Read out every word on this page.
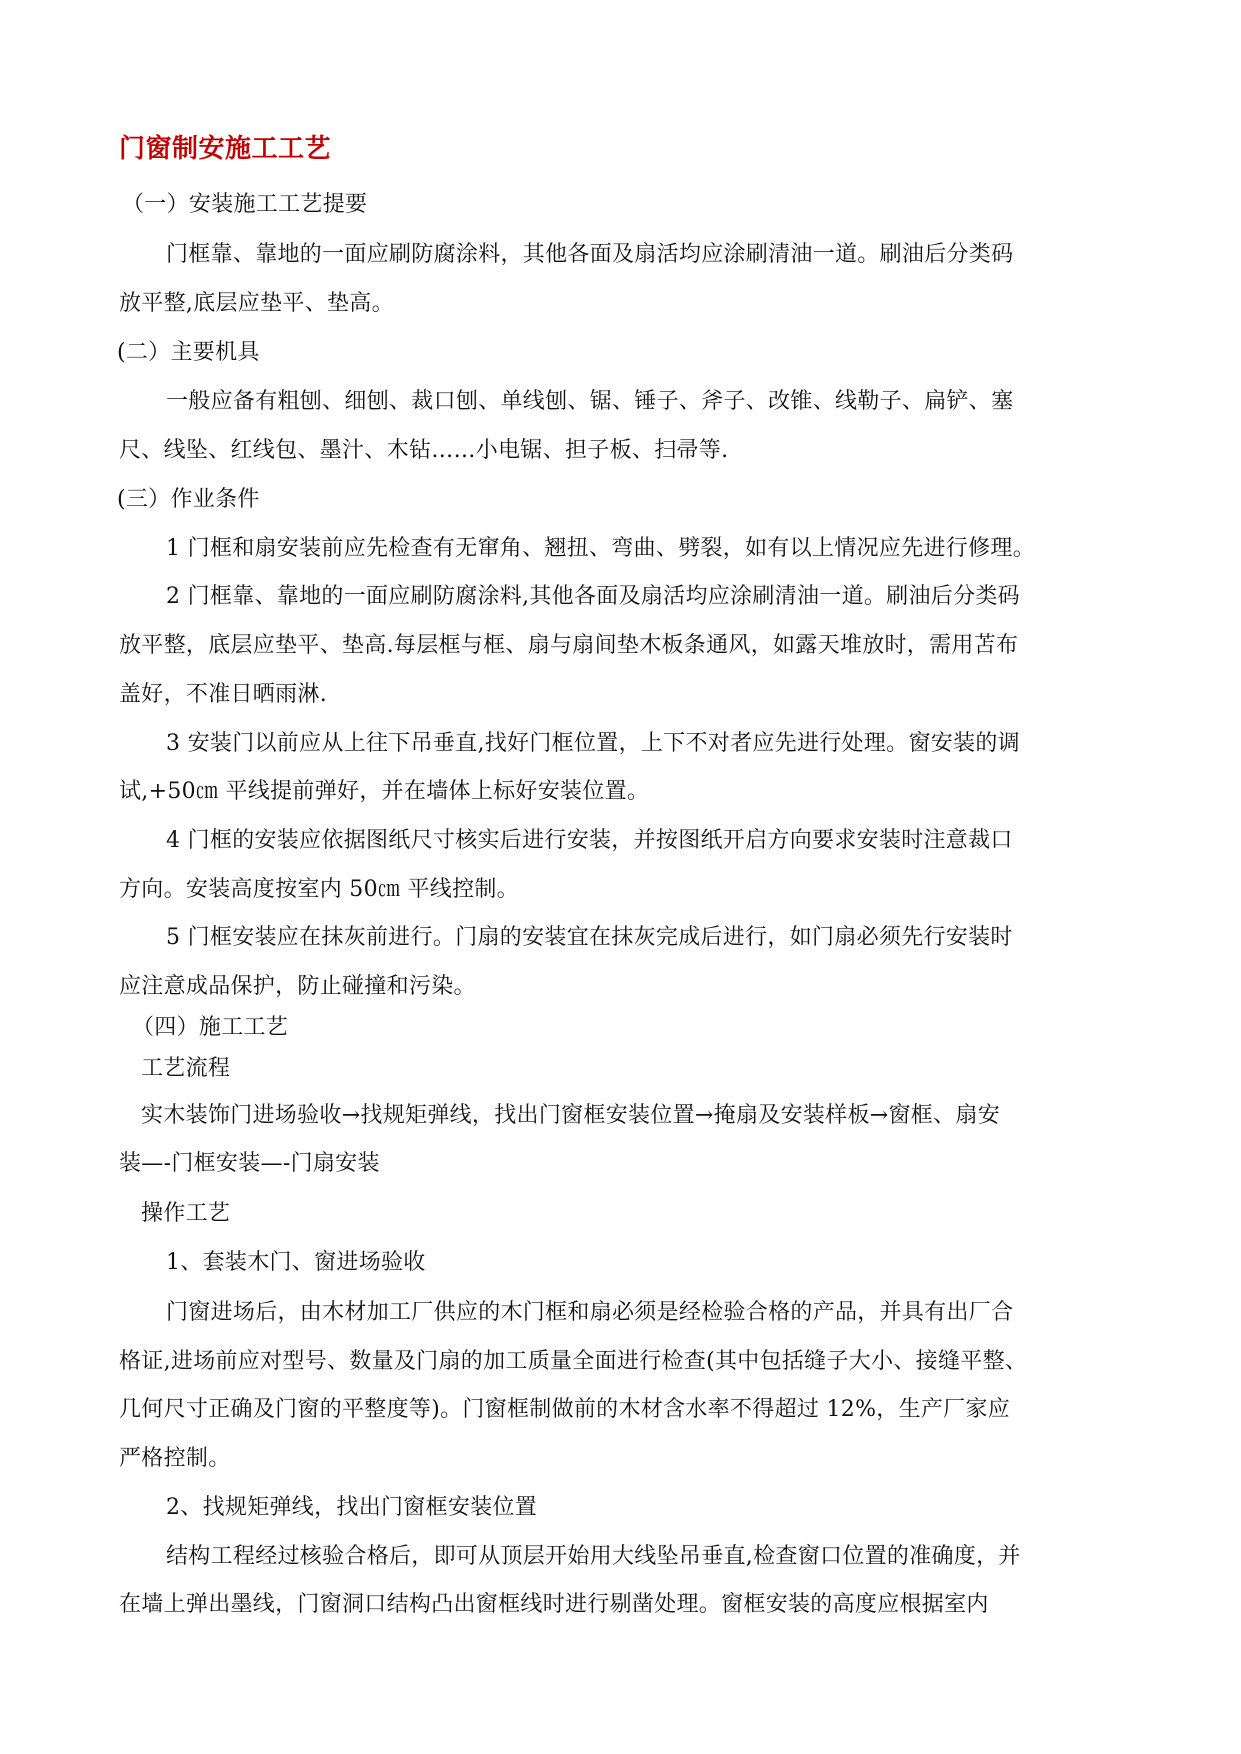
门窗制安施工工艺
（一）安装施工工艺提要
门框靠、靠地的一面应刷防腐涂料，其他各面及扇活均应涂刷清油一道。刷油后分类码
放平整,底层应垫平、垫高。
(二）主要机具
一般应备有粗刨、细刨、裁口刨、单线刨、锯、锤子、斧子、改锥、线勒子、扁铲、塞
尺、线坠、红线包、墨汁、木钻……小电锯、担子板、扫帚等.
(三）作业条件
1 门框和扇安装前应先检查有无窜角、翘扭、弯曲、劈裂，如有以上情况应先进行修理。
2 门框靠、靠地的一面应刷防腐涂料,其他各面及扇活均应涂刷清油一道。刷油后分类码
放平整，底层应垫平、垫高.每层框与框、扇与扇间垫木板条通风，如露天堆放时，需用苫布
盖好，不准日晒雨淋.
3 安装门以前应从上往下吊垂直,找好门框位置，上下不对者应先进行处理。窗安装的调
试,+50㎝ 平线提前弹好，并在墙体上标好安装位置。
4 门框的安装应依据图纸尺寸核实后进行安装，并按图纸开启方向要求安装时注意裁口
方向。安装高度按室内 50㎝ 平线控制。
5 门框安装应在抹灰前进行。门扇的安装宜在抹灰完成后进行，如门扇必须先行安装时
应注意成品保护，防止碰撞和污染。
（四）施工工艺
工艺流程
实木装饰门进场验收→找规矩弹线，找出门窗框安装位置→掩扇及安装样板→窗框、扇安
装—-门框安装—-门扇安装
操作工艺
1、套装木门、窗进场验收
门窗进场后，由木材加工厂供应的木门框和扇必须是经检验合格的产品，并具有出厂合
格证,进场前应对型号、数量及门扇的加工质量全面进行检查(其中包括缝子大小、接缝平整、
几何尺寸正确及门窗的平整度等)。门窗框制做前的木材含水率不得超过 12%，生产厂家应
严格控制。
2、找规矩弹线，找出门窗框安装位置
结构工程经过核验合格后，即可从顶层开始用大线坠吊垂直,检查窗口位置的准确度，并
在墙上弹出墨线，门窗洞口结构凸出窗框线时进行剔凿处理。窗框安装的高度应根据室内
